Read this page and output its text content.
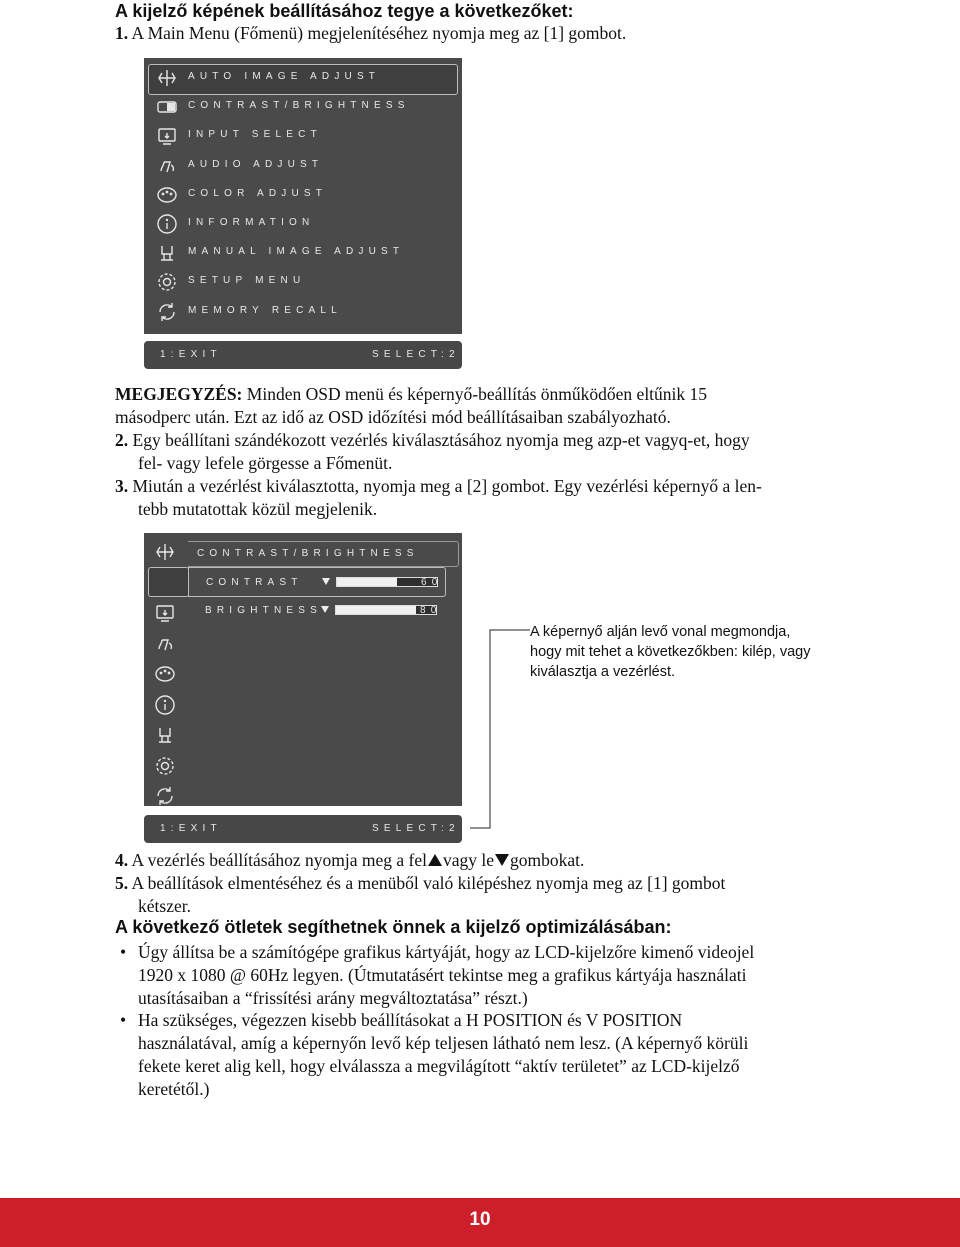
A kijelző képének beállításához tegye a következőket:
1. A Main Menu (Főmenü) megjelenítéséhez nyomja meg az [1] gombot.
AUTO IMAGE ADJUST
CONTRAST/BRIGHTNESS
INPUT SELECT
AUDIO ADJUST
COLOR ADJUST
INFORMATION
MANUAL IMAGE ADJUST
SETUP MENU
MEMORY RECALL
1:EXIT	SELECT:2
MEGJEGYZÉS: Minden OSD menü és képernyő-beállítás önműködően eltűnik 15
másodperc után. Ezt az idő az OSD időzítési mód beállításaiban szabályozható.
2. Egy beállítani szándékozott vezérlés kiválasztásához nyomja meg azp-et vagyq-et, hogy
fel- vagy lefele görgesse a Főmenüt.
3. Miután a vezérlést kiválasztotta, nyomja meg a [2] gombot. Egy vezérlési képernyő a len-
tebb mutatottak közül megjelenik.
CONTRAST/BRIGHTNESS
CONTRAST	60
BRIGHTNESS	80
1:EXIT	SELECT:2
A képernyő alján levő vonal megmondja,
hogy mit tehet a következőkben: kilép, vagy
kiválasztja a vezérlést.
4. A vezérlés beállításához nyomja meg a fel vagy le gombokat.
5. A beállítások elmentéséhez és a menüből való kilépéshez nyomja meg az [1] gombot
kétszer.
A következő ötletek segíthetnek önnek a kijelző optimizálásában:
• Úgy állítsa be a számítógépe grafikus kártyáját, hogy az LCD-kijelzőre kimenő videojel
1920 x 1080 @ 60Hz legyen. (Útmutatásért tekintse meg a grafikus kártyája használati
utasításaiban a “frissítési arány megváltoztatása” részt.)
• Ha szükséges, végezzen kisebb beállításokat a H POSITION és V POSITION
használatával, amíg a képernyőn levő kép teljesen látható nem lesz. (A képernyő körüli
fekete keret alig kell, hogy elválassza a megvilágított “aktív területet” az LCD-kijelző
keretétől.)
10
